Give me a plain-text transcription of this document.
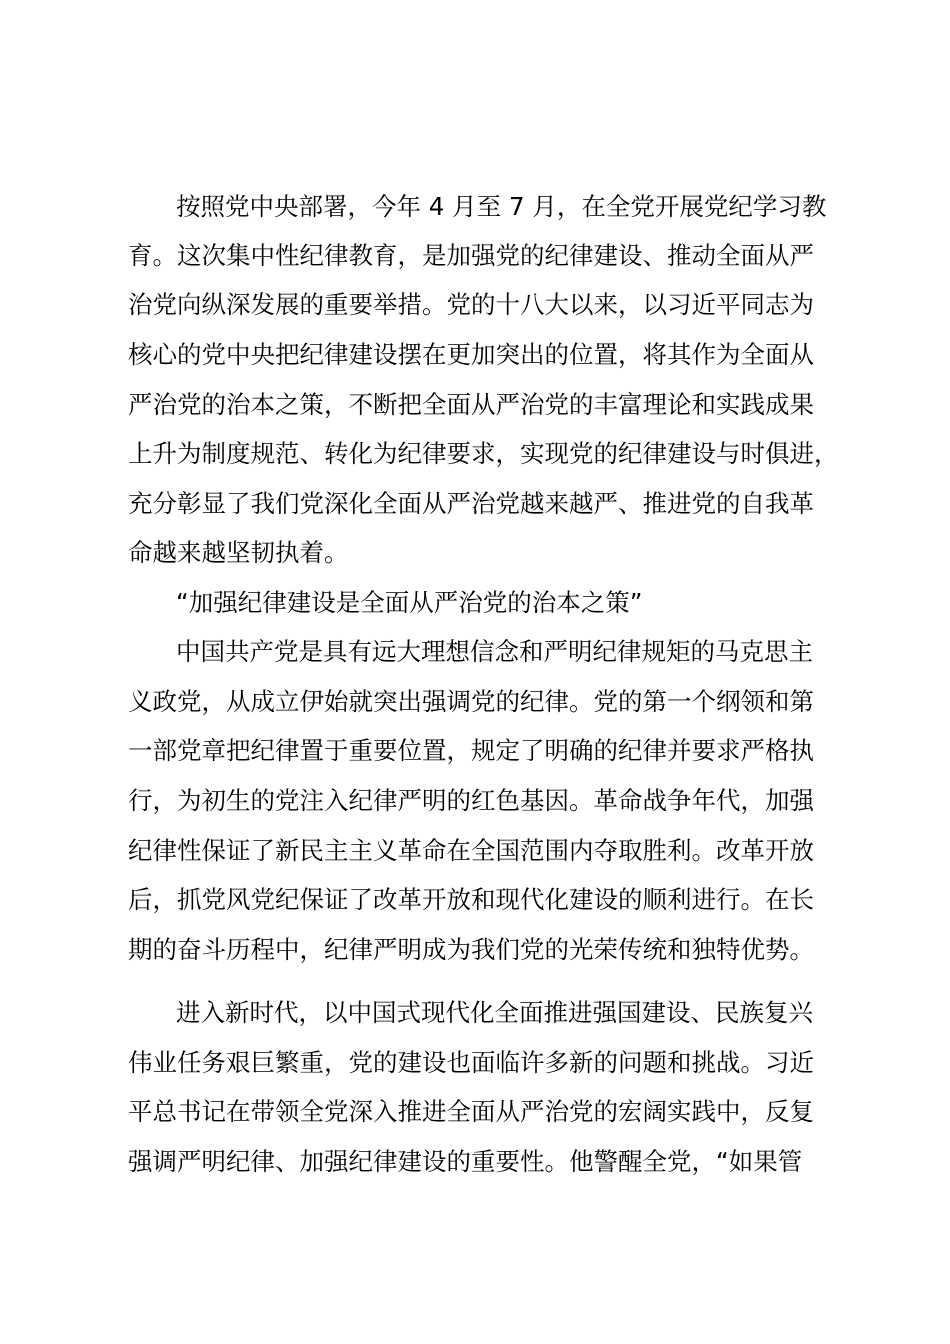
按照党中央部署，今年 4 月至 7 月，在全党开展党纪学习教
育。这次集中性纪律教育，是加强党的纪律建设、推动全面从严
治党向纵深发展的重要举措。党的十八大以来，以习近平同志为
核心的党中央把纪律建设摆在更加突出的位置，将其作为全面从
严治党的治本之策，不断把全面从严治党的丰富理论和实践成果
上升为制度规范、转化为纪律要求，实现党的纪律建设与时俱进，
充分彰显了我们党深化全面从严治党越来越严、推进党的自我革
命越来越坚韧执着。
“加强纪律建设是全面从严治党的治本之策”
中国共产党是具有远大理想信念和严明纪律规矩的马克思主
义政党，从成立伊始就突出强调党的纪律。党的第一个纲领和第
一部党章把纪律置于重要位置，规定了明确的纪律并要求严格执
行，为初生的党注入纪律严明的红色基因。革命战争年代，加强
纪律性保证了新民主主义革命在全国范围内夺取胜利。改革开放
后，抓党风党纪保证了改革开放和现代化建设的顺利进行。在长
期的奋斗历程中，纪律严明成为我们党的光荣传统和独特优势。
进入新时代，以中国式现代化全面推进强国建设、民族复兴
伟业任务艰巨繁重，党的建设也面临许多新的问题和挑战。习近
平总书记在带领全党深入推进全面从严治党的宏阔实践中，反复
强调严明纪律、加强纪律建设的重要性。他警醒全党，“如果管
